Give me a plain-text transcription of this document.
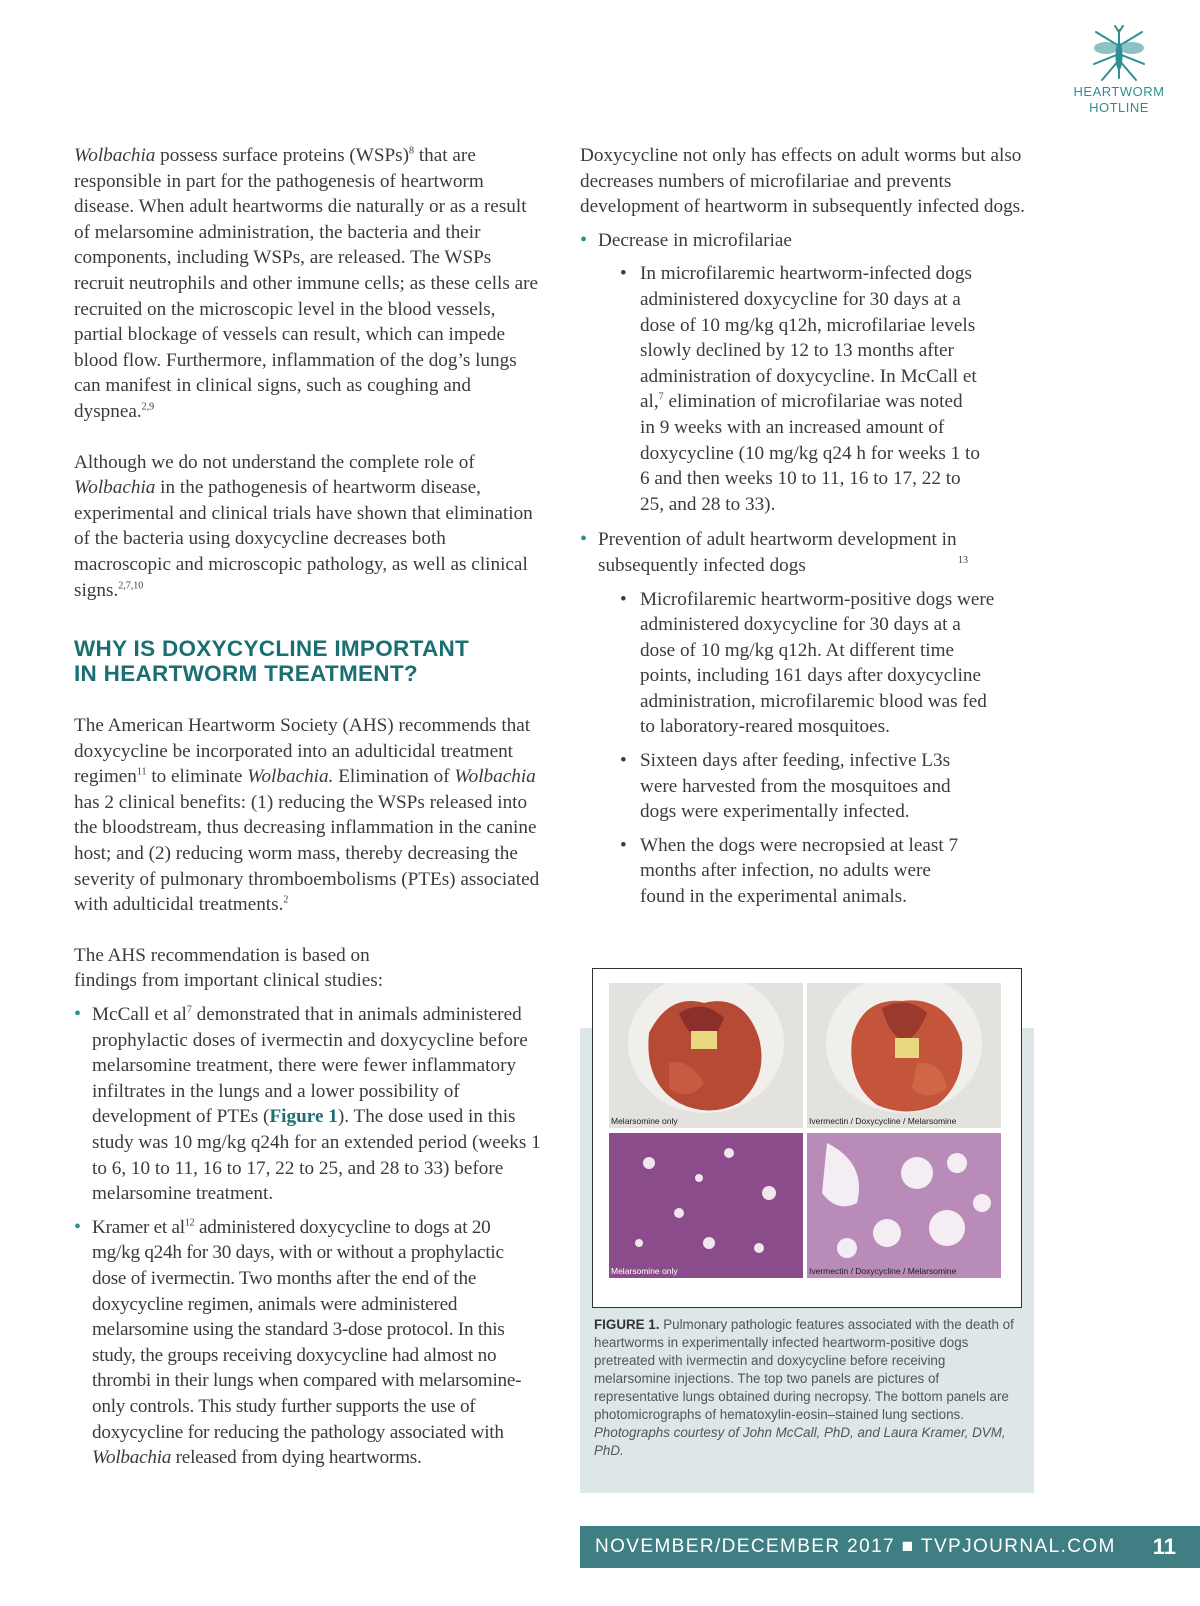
HEARTWORM
HOTLINE

Wolbachia possess surface proteins (WSPs)$^8$ that are responsible in part for the pathogenesis of heartworm disease. When adult heartworms die naturally or as a result of melarsomine administration, the bacteria and their components, including WSPs, are released. The WSPs recruit neutrophils and other immune cells; as these cells are recruited on the microscopic level in the blood vessels, partial blockage of vessels can result, which can impede blood flow. Furthermore, inflammation of the dog’s lungs can manifest in clinical signs, such as coughing and dyspnea.$^{2,9}$

Although we do not understand the complete role of Wolbachia in the pathogenesis of heartworm disease, experimental and clinical trials have shown that elimination of the bacteria using doxycycline decreases both macroscopic and microscopic pathology, as well as clinical signs.$^{2,7,10}$

WHY IS DOXYCYCLINE IMPORTANT
IN HEARTWORM TREATMENT?

The American Heartworm Society (AHS) recommends that doxycycline be incorporated into an adulticidal treatment regimen$^{11}$ to eliminate Wolbachia. Elimination of Wolbachia has 2 clinical benefits: (1) reducing the WSPs released into the bloodstream, thus decreasing inflammation in the canine host; and (2) reducing worm mass, thereby decreasing the severity of pulmonary thromboembolisms (PTEs) associated with adulticidal treatments.$^2$

The AHS recommendation is based on findings from important clinical studies:

• McCall et $al^7$ demonstrated that in animals administered prophylactic doses of ivermectin and doxycycline before melarsomine treatment, there were fewer inflammatory infiltrates in the lungs and a lower possibility of development of PTEs (Figure 1). The dose used in this study was 10 mg/kg q24h for an extended period (weeks 1 to 6, 10 to 11, 16 to 17, 22 to 25, and 28 to 33) before melarsomine treatment.
• Kramer et $al^{12}$ administered doxycycline to dogs at 20 mg/kg q24h for 30 days, with or without a prophylactic dose of ivermectin. Two months after the end of the doxycycline regimen, animals were administered melarsomine using the standard 3-dose protocol. In this study, the groups receiving doxycycline had almost no thrombi in their lungs when compared with melarsomine-only controls. This study further supports the use of doxycycline for reducing the pathology associated with Wolbachia released from dying heartworms.

Doxycycline not only has effects on adult worms but also decreases numbers of microfilariae and prevents development of heartworm in subsequently infected dogs.

• Decrease in microfilariae
• In microfilaremic heartworm-infected dogs administered doxycycline for 30 days at a dose of 10 mg/kg q12h, microfilariae levels slowly declined by 12 to 13 months after administration of doxycycline. In McCall et al,$^7$ elimination of microfilariae was noted in 9 weeks with an increased amount of doxycycline (10 mg/kg q24 h for weeks 1 to 6 and then weeks 10 to 11, 16 to 17, 22 to 25, and 28 to 33).
• Prevention of adult heartworm development in subsequently infected dogs	$^{13}$
• Microfilaremic heartworm-positive dogs were administered doxycycline for 30 days at a dose of 10 mg/kg q12h. At different time points, including 161 days after doxycycline administration, microfilaremic blood was fed to laboratory-reared mosquitoes.
• Sixteen days after feeding, infective L3s were harvested from the mosquitoes and dogs were experimentally infected.
• When the dogs were necropsied at least 7 months after infection, no adults were found in the experimental animals.
Melarsomine only	Ivermectin / Doxycycline / Melarsomine
Melarsomine only	Ivermectin / Doxycycline / Melarsomine
FIGURE 1. Pulmonary pathologic features associated with the death of heartworms in experimentally infected heartworm-positive dogs pretreated with ivermectin and doxycycline before receiving melarsomine injections. The top two panels are pictures of representative lungs obtained during necropsy. The bottom panels are photomicrographs of hematoxylin-eosin–stained lung sections. Photographs courtesy of John McCall, PhD, and Laura Kramer, DVM, PhD.
NOVEMBER/DECEMBER 2017 ■ TVPJOURNAL.COM 11
